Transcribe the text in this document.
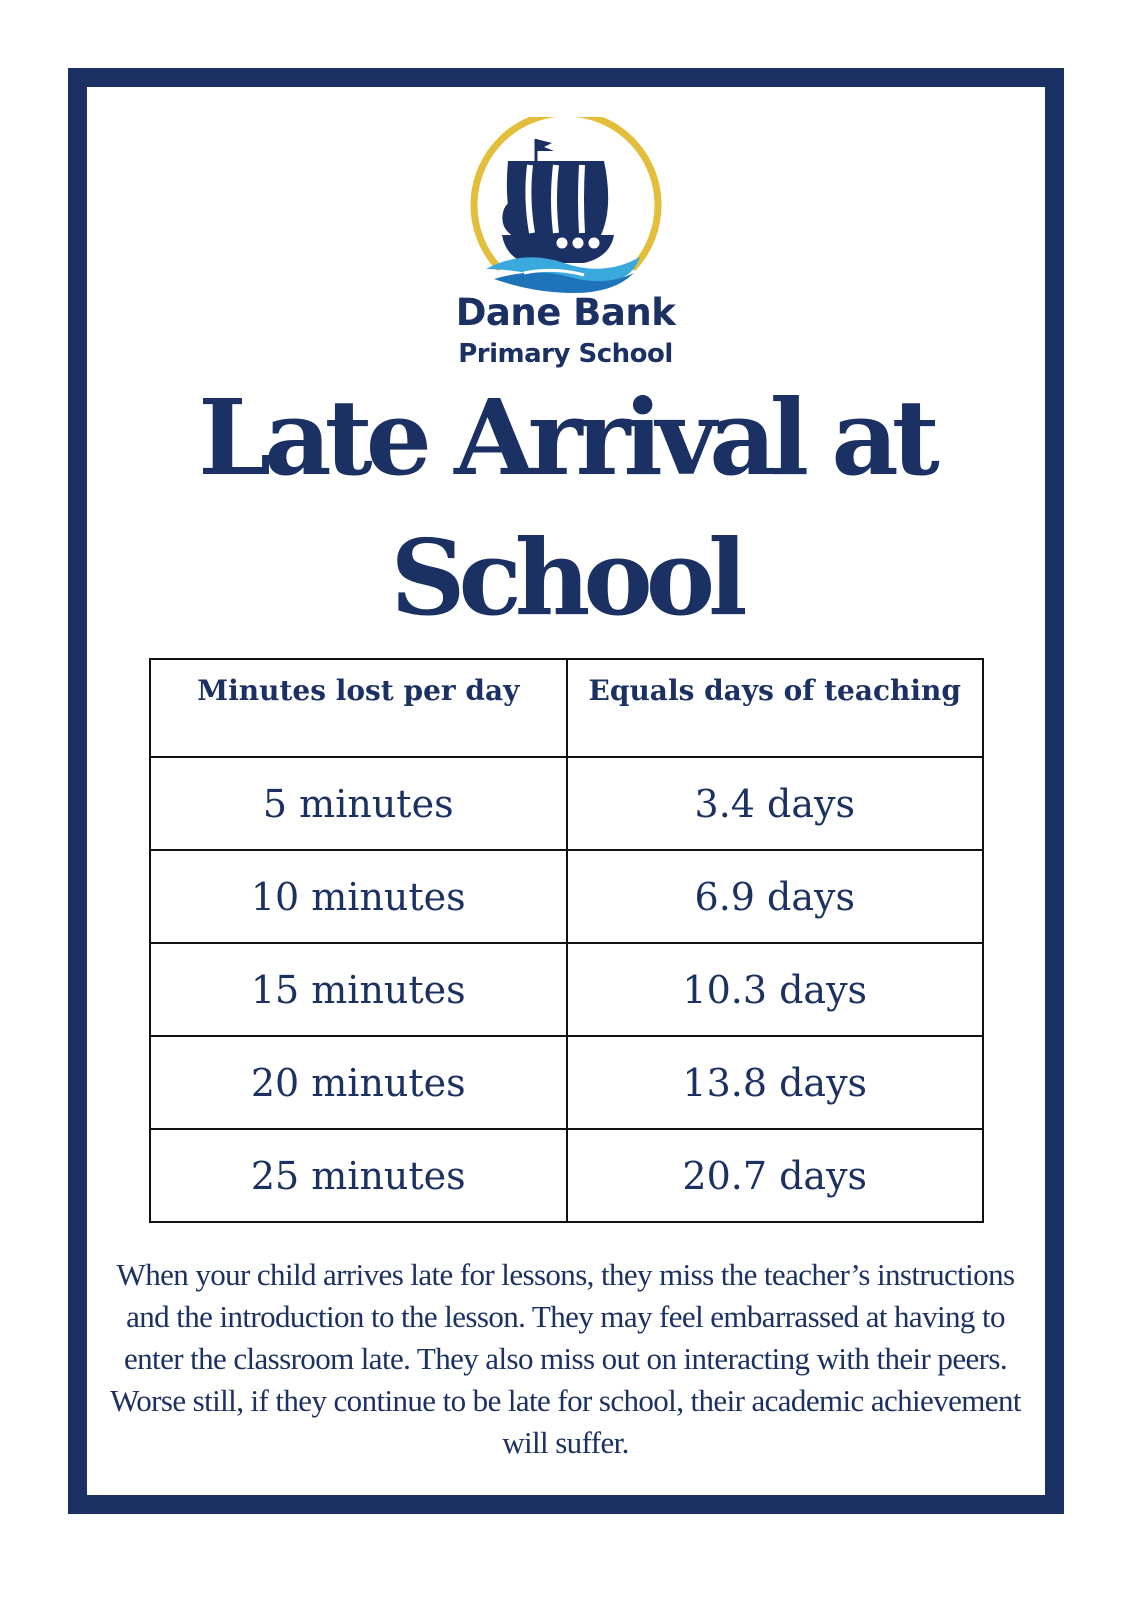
Dane Bank
Primary School
Late Arrival at
School
Minutes lost per day	Equals days of teaching
5 minutes	3.4 days
10 minutes	6.9 days
15 minutes	10.3 days
20 minutes	13.8 days
25 minutes	20.7 days
When your child arrives late for lessons, they miss the teacher’s instructions and the introduction to the lesson. They may feel embarrassed at having to enter the classroom late. They also miss out on interacting with their peers. Worse still, if they continue to be late for school, their academic achievement will suffer.
